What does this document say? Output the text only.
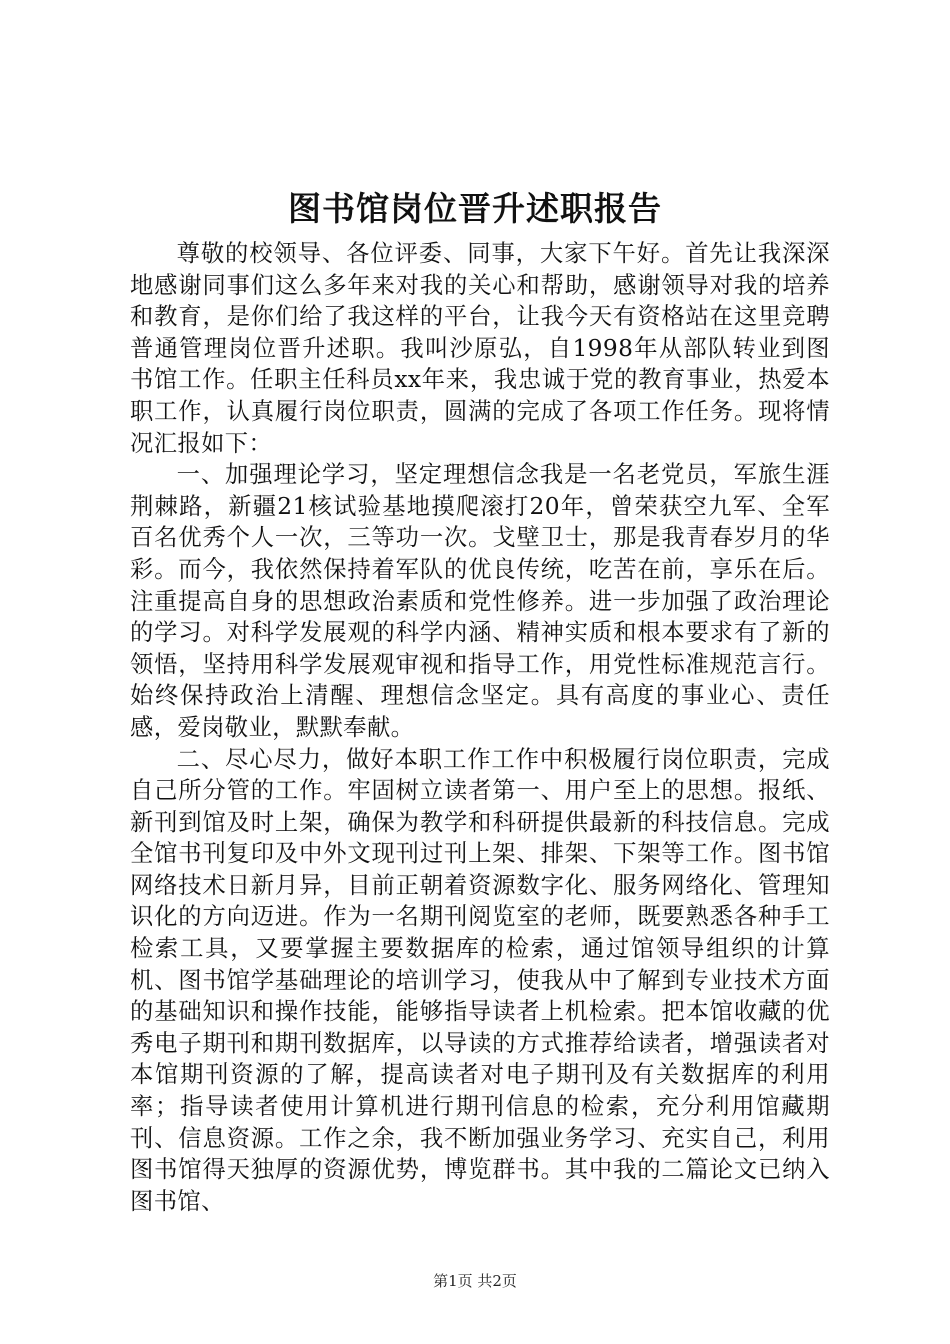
图书馆岗位晋升述职报告

尊敬的校领导、各位评委、同事，大家下午好。首先让我深深地感谢同事们这么多年来对我的关心和帮助，感谢领导对我的培养和教育，是你们给了我这样的平台，让我今天有资格站在这里竞聘普通管理岗位晋升述职。我叫沙原弘，自1998年从部队转业到图书馆工作。任职主任科员xx年来，我忠诚于党的教育事业，热爱本职工作，认真履行岗位职责，圆满的完成了各项工作任务。现将情况汇报如下：

一、加强理论学习，坚定理想信念我是一名老党员，军旅生涯荆棘路，新疆21核试验基地摸爬滚打20年，曾荣获空九军、全军百名优秀个人一次，三等功一次。戈壁卫士，那是我青春岁月的华彩。而今，我依然保持着军队的优良传统，吃苦在前，享乐在后。注重提高自身的思想政治素质和党性修养。进一步加强了政治理论的学习。对科学发展观的科学内涵、精神实质和根本要求有了新的领悟，坚持用科学发展观审视和指导工作，用党性标准规范言行。始终保持政治上清醒、理想信念坚定。具有高度的事业心、责任感，爱岗敬业，默默奉献。

二、尽心尽力，做好本职工作工作中积极履行岗位职责，完成自己所分管的工作。牢固树立读者第一、用户至上的思想。报纸、新刊到馆及时上架，确保为教学和科研提供最新的科技信息。完成全馆书刊复印及中外文现刊过刊上架、排架、下架等工作。图书馆网络技术日新月异，目前正朝着资源数字化、服务网络化、管理知识化的方向迈进。作为一名期刊阅览室的老师，既要熟悉各种手工检索工具，又要掌握主要数据库的检索，通过馆领导组织的计算机、图书馆学基础理论的培训学习，使我从中了解到专业技术方面的基础知识和操作技能，能够指导读者上机检索。把本馆收藏的优秀电子期刊和期刊数据库，以导读的方式推荐给读者，增强读者对本馆期刊资源的了解，提高读者对电子期刊及有关数据库的利用率；指导读者使用计算机进行期刊信息的检索，充分利用馆藏期刊、信息资源。工作之余，我不断加强业务学习、充实自己，利用图书馆得天独厚的资源优势，博览群书。其中我的二篇论文已纳入图书馆、

第1页 共2页
